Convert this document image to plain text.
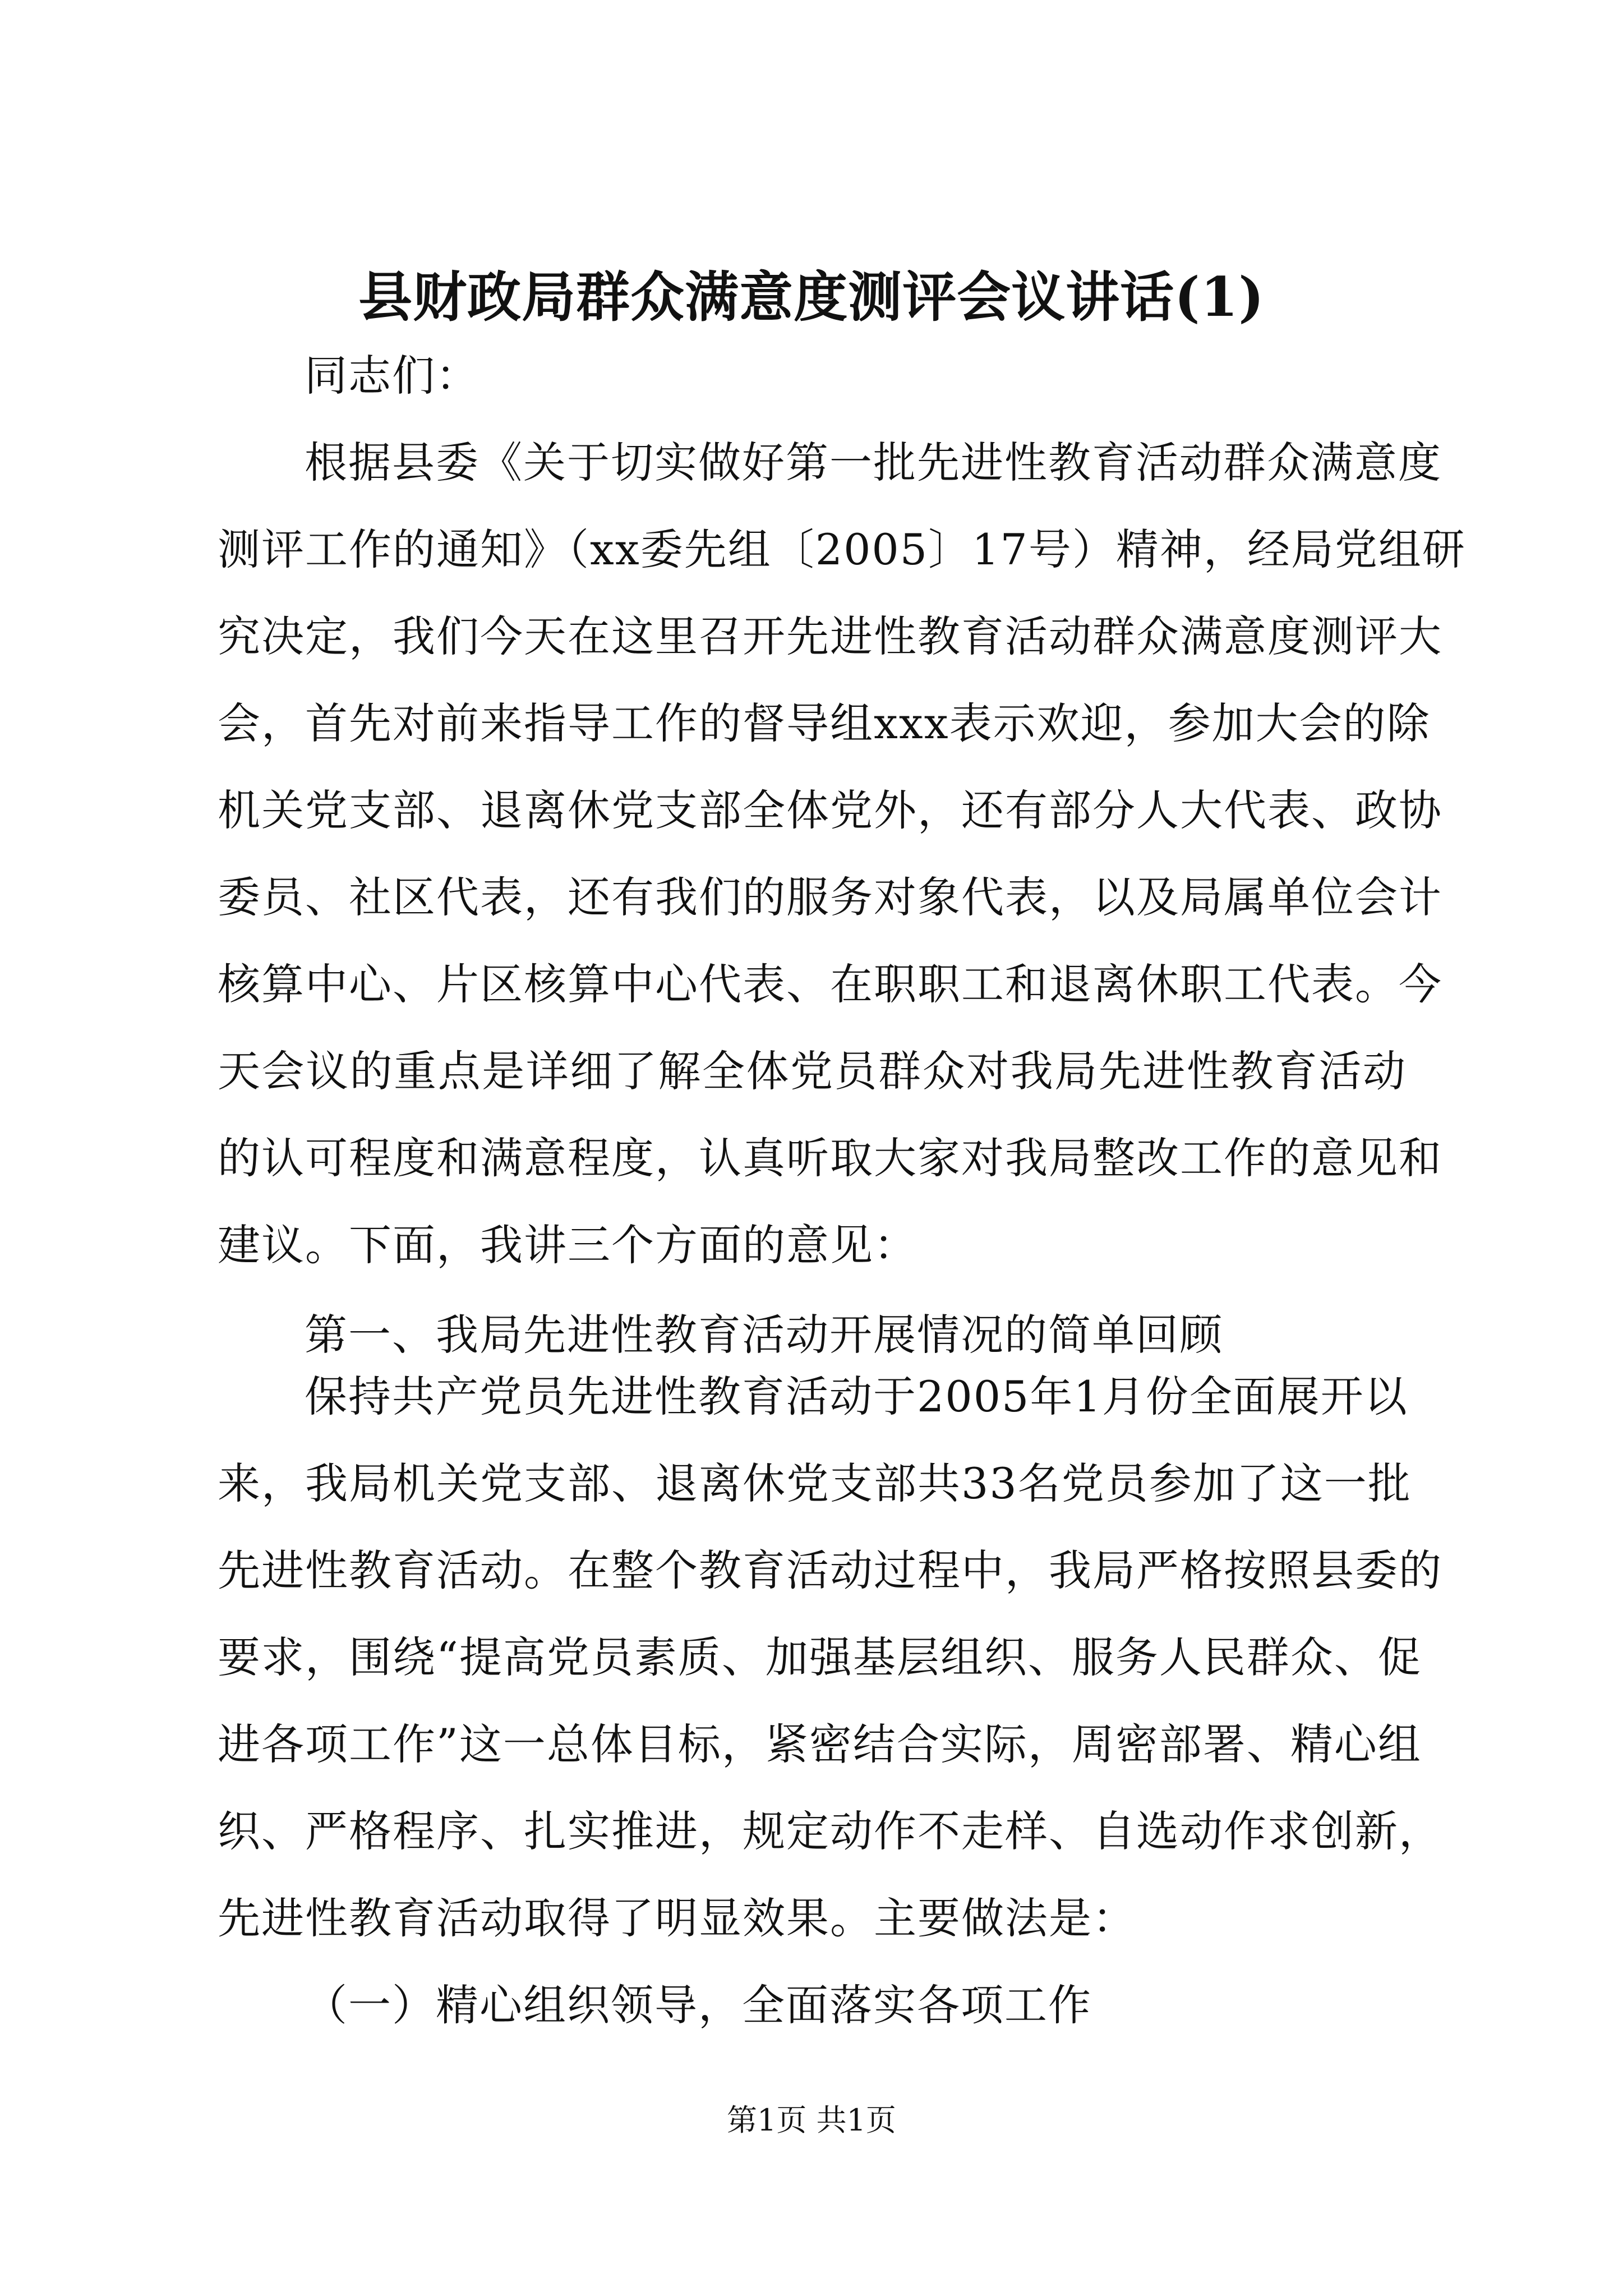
县财政局群众满意度测评会议讲话(1)
同志们：
根据县委《关于切实做好第一批先进性教育活动群众满意度
测评工作的通知》（xx委先组〔2005〕17号）精神，经局党组研
究决定，我们今天在这里召开先进性教育活动群众满意度测评大
会，首先对前来指导工作的督导组xxx表示欢迎，参加大会的除
机关党支部、退离休党支部全体党外，还有部分人大代表、政协
委员、社区代表，还有我们的服务对象代表，以及局属单位会计
核算中心、片区核算中心代表、在职职工和退离休职工代表。今
天会议的重点是详细了解全体党员群众对我局先进性教育活动
的认可程度和满意程度，认真听取大家对我局整改工作的意见和
建议。下面，我讲三个方面的意见：
第一、我局先进性教育活动开展情况的简单回顾
保持共产党员先进性教育活动于2005年1月份全面展开以
来，我局机关党支部、退离休党支部共33名党员参加了这一批
先进性教育活动。在整个教育活动过程中，我局严格按照县委的
要求，围绕“提高党员素质、加强基层组织、服务人民群众、促
进各项工作”这一总体目标，紧密结合实际，周密部署、精心组
织、严格程序、扎实推进，规定动作不走样、自选动作求创新，
先进性教育活动取得了明显效果。主要做法是：
（一）精心组织领导，全面落实各项工作
第1页 共1页
